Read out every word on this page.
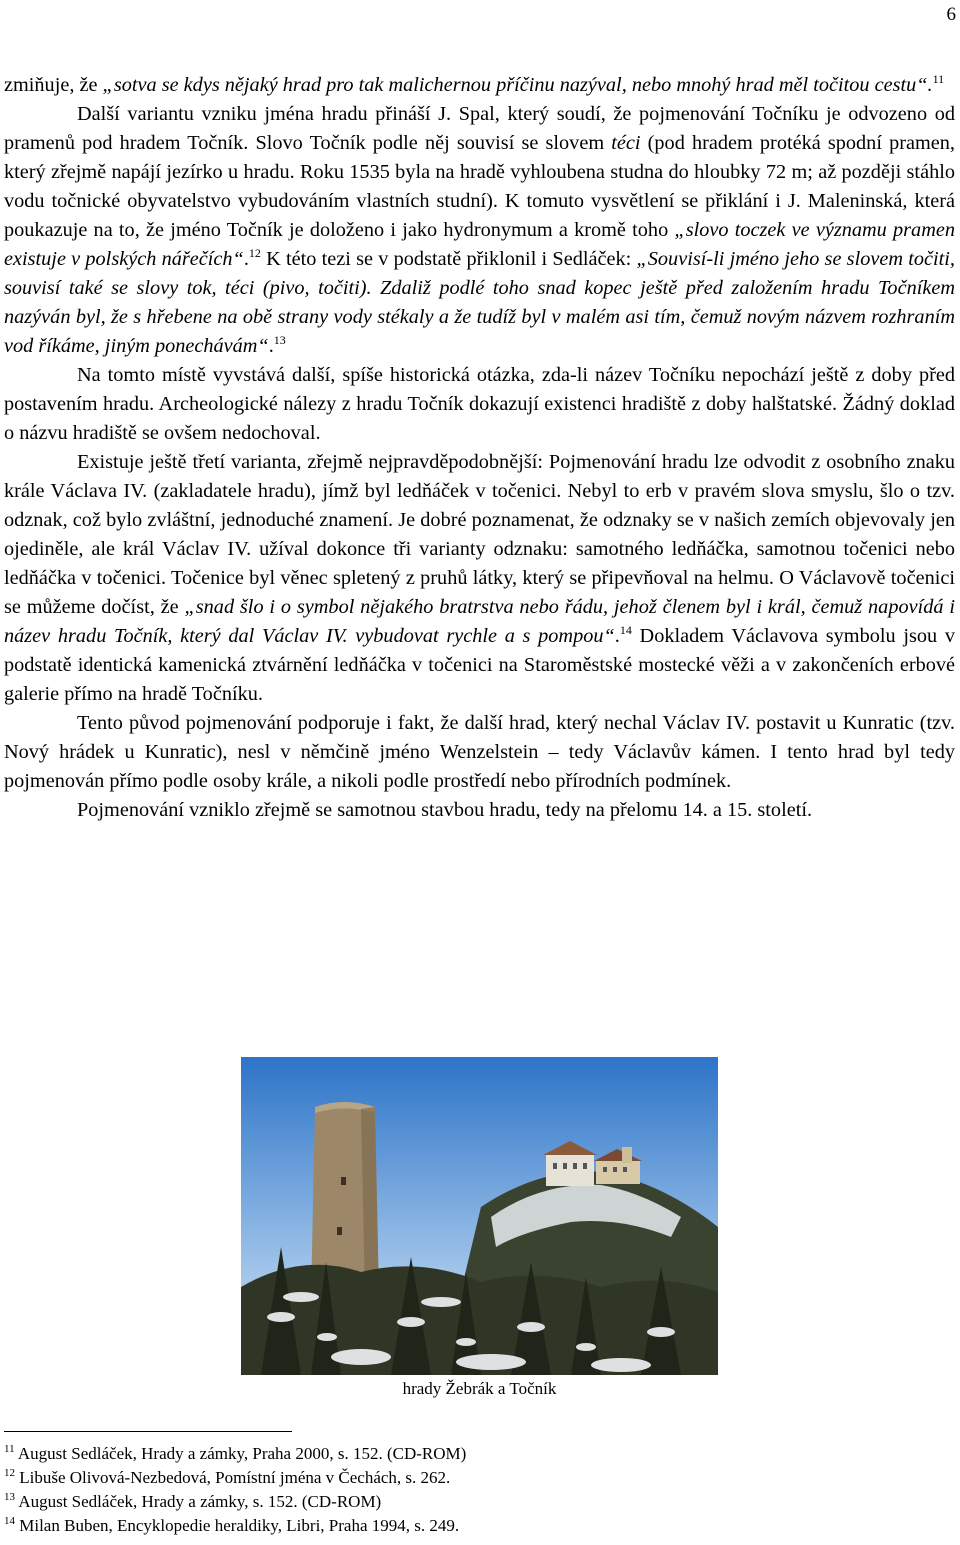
6

zmiňuje, že „sotva se kdys nějaký hrad pro tak malichernou příčinu nazýval, nebo mnohý hrad měl točitou cestu“.$^{11}$

Další variantu vzniku jména hradu přináší J. Spal, který soudí, že pojmenování Točníku je odvozeno od pramenů pod hradem Točník. Slovo Točník podle něj souvisí se slovem téci (pod hradem protéká spodní pramen, který zřejmě napájí jezírko u hradu. Roku 1535 byla na hradě vyhloubena studna do hloubky 72 m; až později stáhlo vodu točnické obyvatelstvo vybudováním vlastních studní). K tomuto vysvětlení se přiklání i J. Maleninská, která poukazuje na to, že jméno Točník je doloženo i jako hydronymum a kromě toho „slovo toczek ve významu pramen existuje v polských nářečích“.$^{12}$ K této tezi se v podstatě přiklonil i Sedláček: „Souvisí-li jméno jeho se slovem točiti, souvisí také se slovy tok, téci (pivo, točiti). Zdaliž podlé toho snad kopec ještě před založením hradu Točníkem nazýván byl, že s hřebene na obě strany vody stékaly a že tudíž byl v malém asi tím, čemuž novým názvem rozhraním vod říkáme, jiným ponechávám“.$^{13}$

Na tomto místě vyvstává další, spíše historická otázka, zda-li název Točníku nepochází ještě z doby před postavením hradu. Archeologické nálezy z hradu Točník dokazují existenci hradiště z doby halštatské. Žádný doklad o názvu hradiště se ovšem nedochoval.

Existuje ještě třetí varianta, zřejmě nejpravděpodobnější: Pojmenování hradu lze odvodit z osobního znaku krále Václava IV. (zakladatele hradu), jímž byl ledňáček v točenici. Nebyl to erb v pravém slova smyslu, šlo o tzv. odznak, což bylo zvláštní, jednoduché znamení. Je dobré poznamenat, že odznaky se v našich zemích objevovaly jen ojediněle, ale král Václav IV. užíval dokonce tři varianty odznaku: samotného ledňáčka, samotnou točenici nebo ledňáčka v točenici. Točenice byl věnec spletený z pruhů látky, který se připevňoval na helmu. O Václavově točenici se můžeme dočíst, že „snad šlo i o symbol nějakého bratrstva nebo řádu, jehož členem byl i král, čemuž napovídá i název hradu Točník, který dal Václav IV. vybudovat rychle a s pompou“.$^{14}$ Dokladem Václavova symbolu jsou v podstatě identická kamenická ztvárnění ledňáčka v točenici na Staroměstské mostecké věži a v zakončeních erbové galerie přímo na hradě Točníku.

Tento původ pojmenování podporuje i fakt, že další hrad, který nechal Václav IV. postavit u Kunratic (tzv. Nový hrádek u Kunratic), nesl v němčině jméno Wenzelstein – tedy Václavův kámen. I tento hrad byl tedy pojmenován přímo podle osoby krále, a nikoli podle prostředí nebo přírodních podmínek.

Pojmenování vzniklo zřejmě se samotnou stavbou hradu, tedy na přelomu 14. a 15. století.

hrady Žebrák a Točník
$^{11}$ August Sedláček, Hrady a zámky, Praha 2000, s. 152. (CD-ROM)
$^{12}$ Libuše Olivová-Nezbedová, Pomístní jména v Čechách, s. 262.
$^{13}$ August Sedláček, Hrady a zámky, s. 152. (CD-ROM)
$^{14}$ Milan Buben, Encyklopedie heraldiky, Libri, Praha 1994, s. 249.
